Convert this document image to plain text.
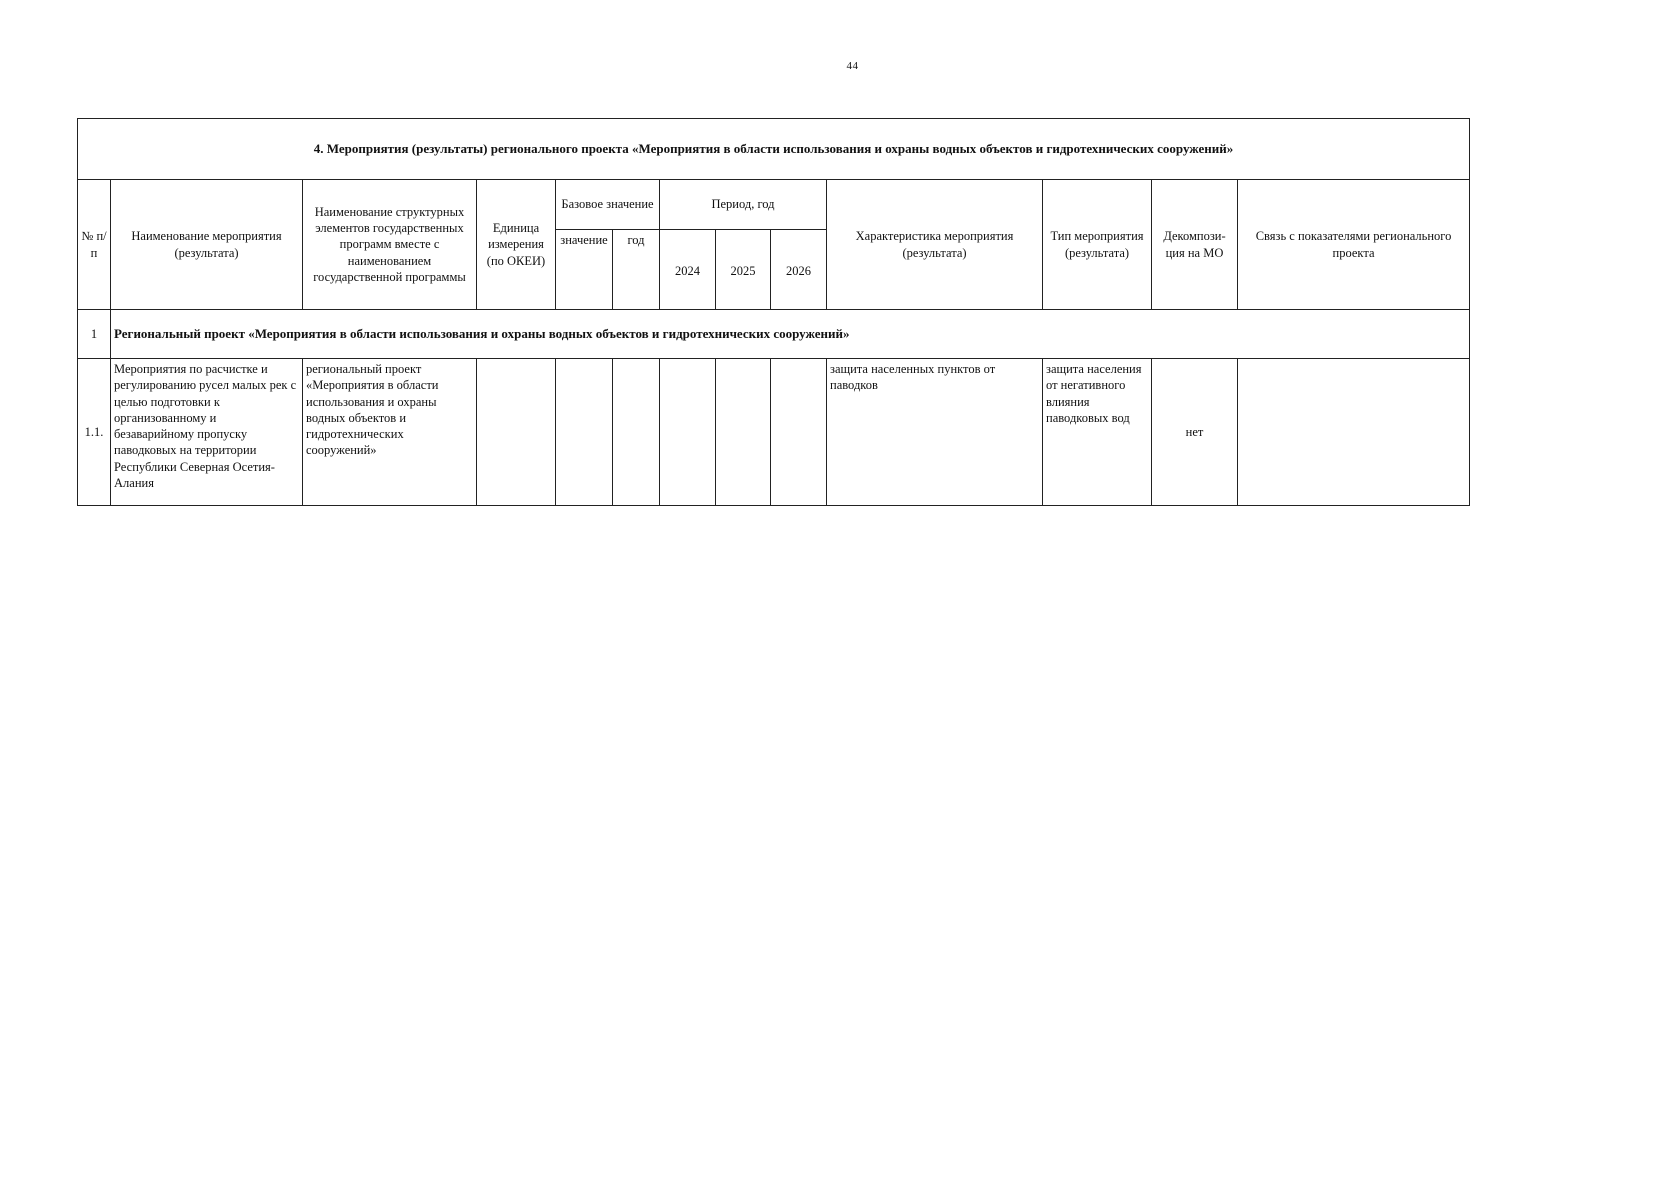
44
4. Мероприятия (результаты) регионального проекта «Мероприятия в области использования и охраны водных объектов и гидротехнических сооружений»												
№ п/п	Наименование мероприятия (результата)	Наименование структурных элементов государственных программ вместе с наименованием государственной программы	Единица измерения (по ОКЕИ)	Базовое значение		Период, год			Характеристика мероприятия (результата)	Тип мероприятия (результата)	Декомпози-ция на МО	Связь с показателями регионального проекта
				значение	год	2024	2025	2026				
1	Региональный проект «Мероприятия в области использования и охраны водных объектов и гидротехнических сооружений»											
1.1.	Мероприятия по расчистке и регулированию русел малых рек с целью подготовки к организованному и безаварийному пропуску паводковых на территории Республики Северная Осетия-Алания	региональный проект «Мероприятия в области использования и охраны водных объектов и гидротехнических сооружений»							защита населенных пунктов от паводков	защита населения от негативного влияния паводковых вод	нет	
